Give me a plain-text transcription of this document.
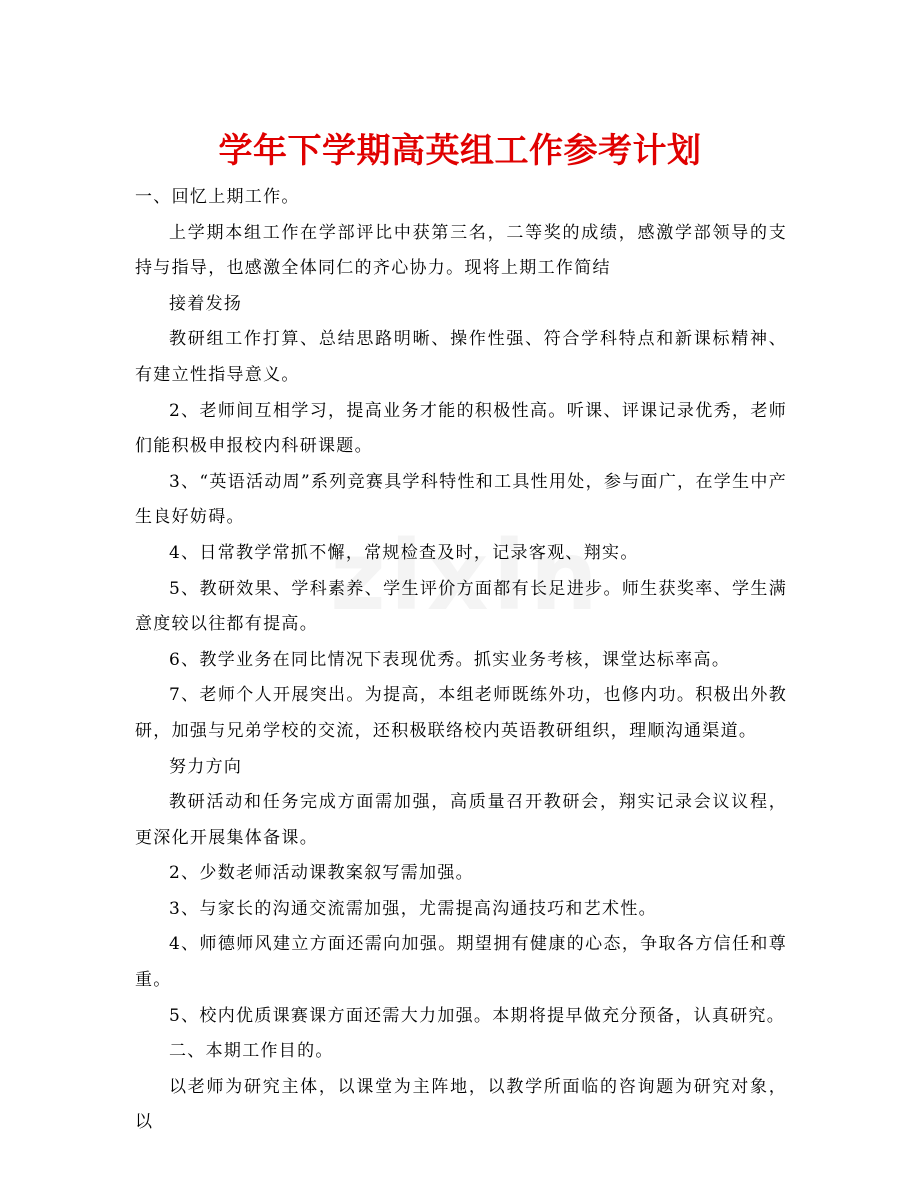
学年下学期高英组工作参考计划

一、回忆上期工作。

上学期本组工作在学部评比中获第三名，二等奖的成绩，感激学部领导的支持与指导，也感激全体同仁的齐心协力。现将上期工作简结

接着发扬

教研组工作打算、总结思路明晰、操作性强、符合学科特点和新课标精神、有建立性指导意义。

2、老师间互相学习，提高业务才能的积极性高。听课、评课记录优秀，老师们能积极申报校内科研课题。

3、“英语活动周”系列竞赛具学科特性和工具性用处，参与面广，在学生中产生良好妨碍。

4、日常教学常抓不懈，常规检查及时，记录客观、翔实。

5、教研效果、学科素养、学生评价方面都有长足进步。师生获奖率、学生满意度较以往都有提高。

6、教学业务在同比情况下表现优秀。抓实业务考核，课堂达标率高。

7、老师个人开展突出。为提高，本组老师既练外功，也修内功。积极出外教研，加强与兄弟学校的交流，还积极联络校内英语教研组织，理顺沟通渠道。

努力方向

教研活动和任务完成方面需加强，高质量召开教研会，翔实记录会议议程，更深化开展集体备课。

2、少数老师活动课教案叙写需加强。

3、与家长的沟通交流需加强，尤需提高沟通技巧和艺术性。

4、师德师风建立方面还需向加强。期望拥有健康的心态，争取各方信任和尊重。

5、校内优质课赛课方面还需大力加强。本期将提早做充分预备，认真研究。

二、本期工作目的。

以老师为研究主体，以课堂为主阵地，以教学所面临的咨询题为研究对象，以
